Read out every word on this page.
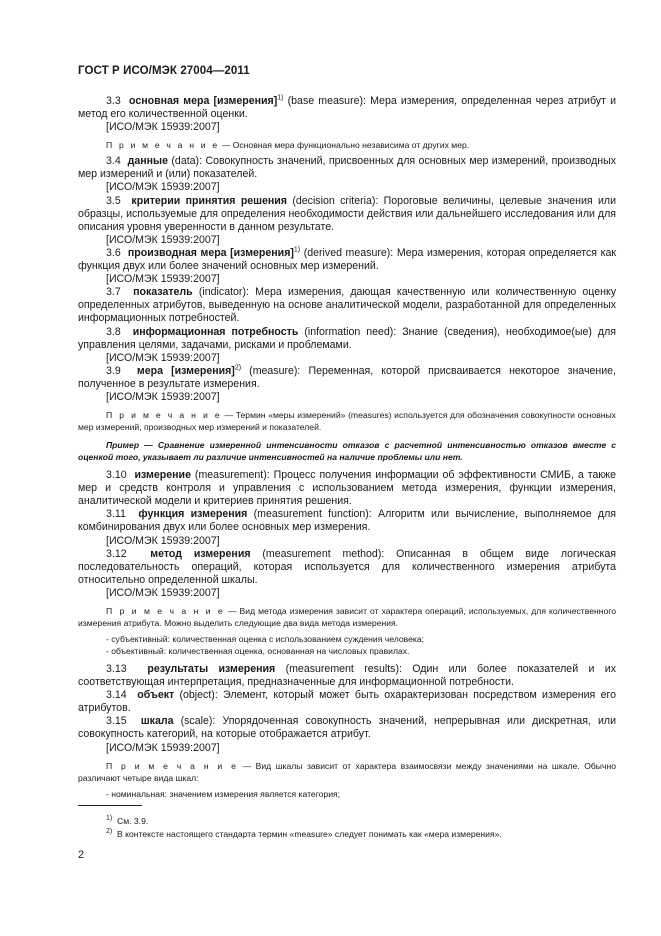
ГОСТ Р ИСО/МЭК 27004—2011

3.3 основная мера [измерения]$^{1)}$ (base measure): Мера измерения, определенная через атрибут и метод его количественной оценки.

[ИСО/МЭК 15939:2007]

П р и м е ч а н и е — Основная мера функционально независима от других мер.

3.4 данные (data): Совокупность значений, присвоенных для основных мер измерений, производных мер измерений и (или) показателей.

[ИСО/МЭК 15939:2007]

3.5 критерии принятия решения (decision criteria): Пороговые величины, целевые значения или образцы, используемые для определения необходимости действия или дальнейшего исследования или для описания уровня уверенности в данном результате.

[ИСО/МЭК 15939:2007]

3.6 производная мера [измерения]$^{1)}$ (derived measure): Мера измерения, которая определяется как функция двух или более значений основных мер измерений.

[ИСО/МЭК 15939:2007]

3.7 показатель (indicator): Мера измерения, дающая качественную или количественную оценку определенных атрибутов, выведенную на основе аналитической модели, разработанной для определенных информационных потребностей.

3.8 информационная потребность (information need): Знание (сведения), необходимое(ые) для управления целями, задачами, рисками и проблемами.

[ИСО/МЭК 15939:2007]

3.9 мера [измерения]$^{2)}$ (measure): Переменная, которой присваивается некоторое значение, полученное в результате измерения.

[ИСО/МЭК 15939:2007]

П р и м е ч а н и е — Термин «меры измерений» (measures) используется для обозначения совокупности основных мер измерений, производных мер измерений и показателей.

Пример — Сравнение измеренной интенсивности отказов с расчетной интенсивностью отказов вместе с оценкой того, указывает ли различие интенсивностей на наличие проблемы или нет.

3.10 измерение (measurement): Процесс получения информации об эффективности СМИБ, а также мер и средств контроля и управления с использованием метода измерения, функции измерения, аналитической модели и критериев принятия решения.

3.11 функция измерения (measurement function): Алгоритм или вычисление, выполняемое для комбинирования двух или более основных мер измерения.

[ИСО/МЭК 15939:2007]

3.12 метод измерения (measurement method): Описанная в общем виде логическая последовательность операций, которая используется для количественного измерения атрибута относительно определенной шкалы.

[ИСО/МЭК 15939:2007]

П р и м е ч а н и е — Вид метода измерения зависит от характера операций, используемых, для количественного измерения атрибута. Можно выделить следующие два вида метода измерения.

- субъективный: количественная оценка с использованием суждения человека;

- объективный: количественная оценка, основанная на числовых правилах.

3.13 результаты измерения (measurement results): Один или более показателей и их соответствующая интерпретация, предназначенные для информационной потребности.

3.14 объект (object): Элемент, который может быть охарактеризован посредством измерения его атрибутов.

3.15 шкала (scale): Упорядоченная совокупность значений, непрерывная или дискретная, или совокупность категорий, на которые отображается атрибут.

[ИСО/МЭК 15939:2007]

П р и м е ч а н и е — Вид шкалы зависит от характера взаимосвязи между значениями на шкале. Обычно различают четыре вида шкал:

- номинальная: значением измерения является категория;

$^{1)}$ См. 3.9.
$^{2)}$ В контексте настоящего стандарта термин «measure» следует понимать как «мера измерения».
2
